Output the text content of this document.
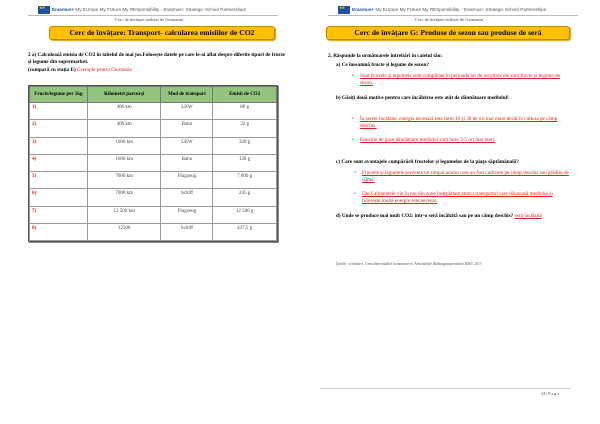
★★
Erasmus+
My EUrope My FUture My RESponsibility - Erasmus+ Strategic School Partnerships
Cerc de învățare realizat de Germania
Cerc de învățare: Transport- calcularea emisiilor de CO2
2 a) Calculează emisia de CO2 în tabelul de mai jos.Folosește datele pe care le-ai aflat despre diferite tipuri de fructe și legume din supermarket.
(compară cu stația E) Exemple pentru Germania
Fructe/legume per 1kg	Kilometri parcurşi	Mod de transport	Emisii de CO2
1)	400 km	LKW	80 g
2)	400 km	Bahn	32 g
3)	1600 km	LKW	320 g
4)	1600 km	Bahn	128 g
5)	7000 km	Flugzeug	7 000 g
6)	7000 km	Schiff	245 g
7)	12 500 km	Flugzeug	12 500 g
8)	12500	Schiff	437,5 g
★★
Erasmus+
My EUrope My FUture My RESponsibility - Erasmus+ Strategic School Partnerships
Cerc de învățare realizat de Germania
Cerc de învățare G: Produse de sezon sau produse de seră
2. Răspunde la următoarele întrebări în caietul tău:
a) Ce înseamnă fructe și legume de sezon?
• Sunt fructele şi legumele sunt cumpărate în perioada lor de recoltare ele sunt fructe și legume de sezon.
b) Găsiți două motive pentru care încălzirea este atât de dăunătoare mediului!
• În serele încălzite, energia necesară este între 10 şi 30 de ori mai mare decât în cultura pe câmp deschis.
• Emisiile de gaze dăunătoare mediului sunt între 3-5 ori mai mari.
c) Care sunt avantajele cumpărării fructelor și legumelor de la piața săptămânală?
• Fructele și legumele prezente tot timpul anului care au fost cultivate pe câmp deschis sau grădini de climă.
• Dacă alimentele vin în noi din zone îndepărtate atunci transportul care dăunează mediului și folosește multă energie este necesar.
d) Unde se produce mai mult CO2: într-o seră încălzită sau pe un câmp deschis? seră încălzită
Quelle: verändert, Umweltfreundlich konsumieren. Arbeitshilfe Bildungsmaterialien BMU 2013
24 | P a g e
